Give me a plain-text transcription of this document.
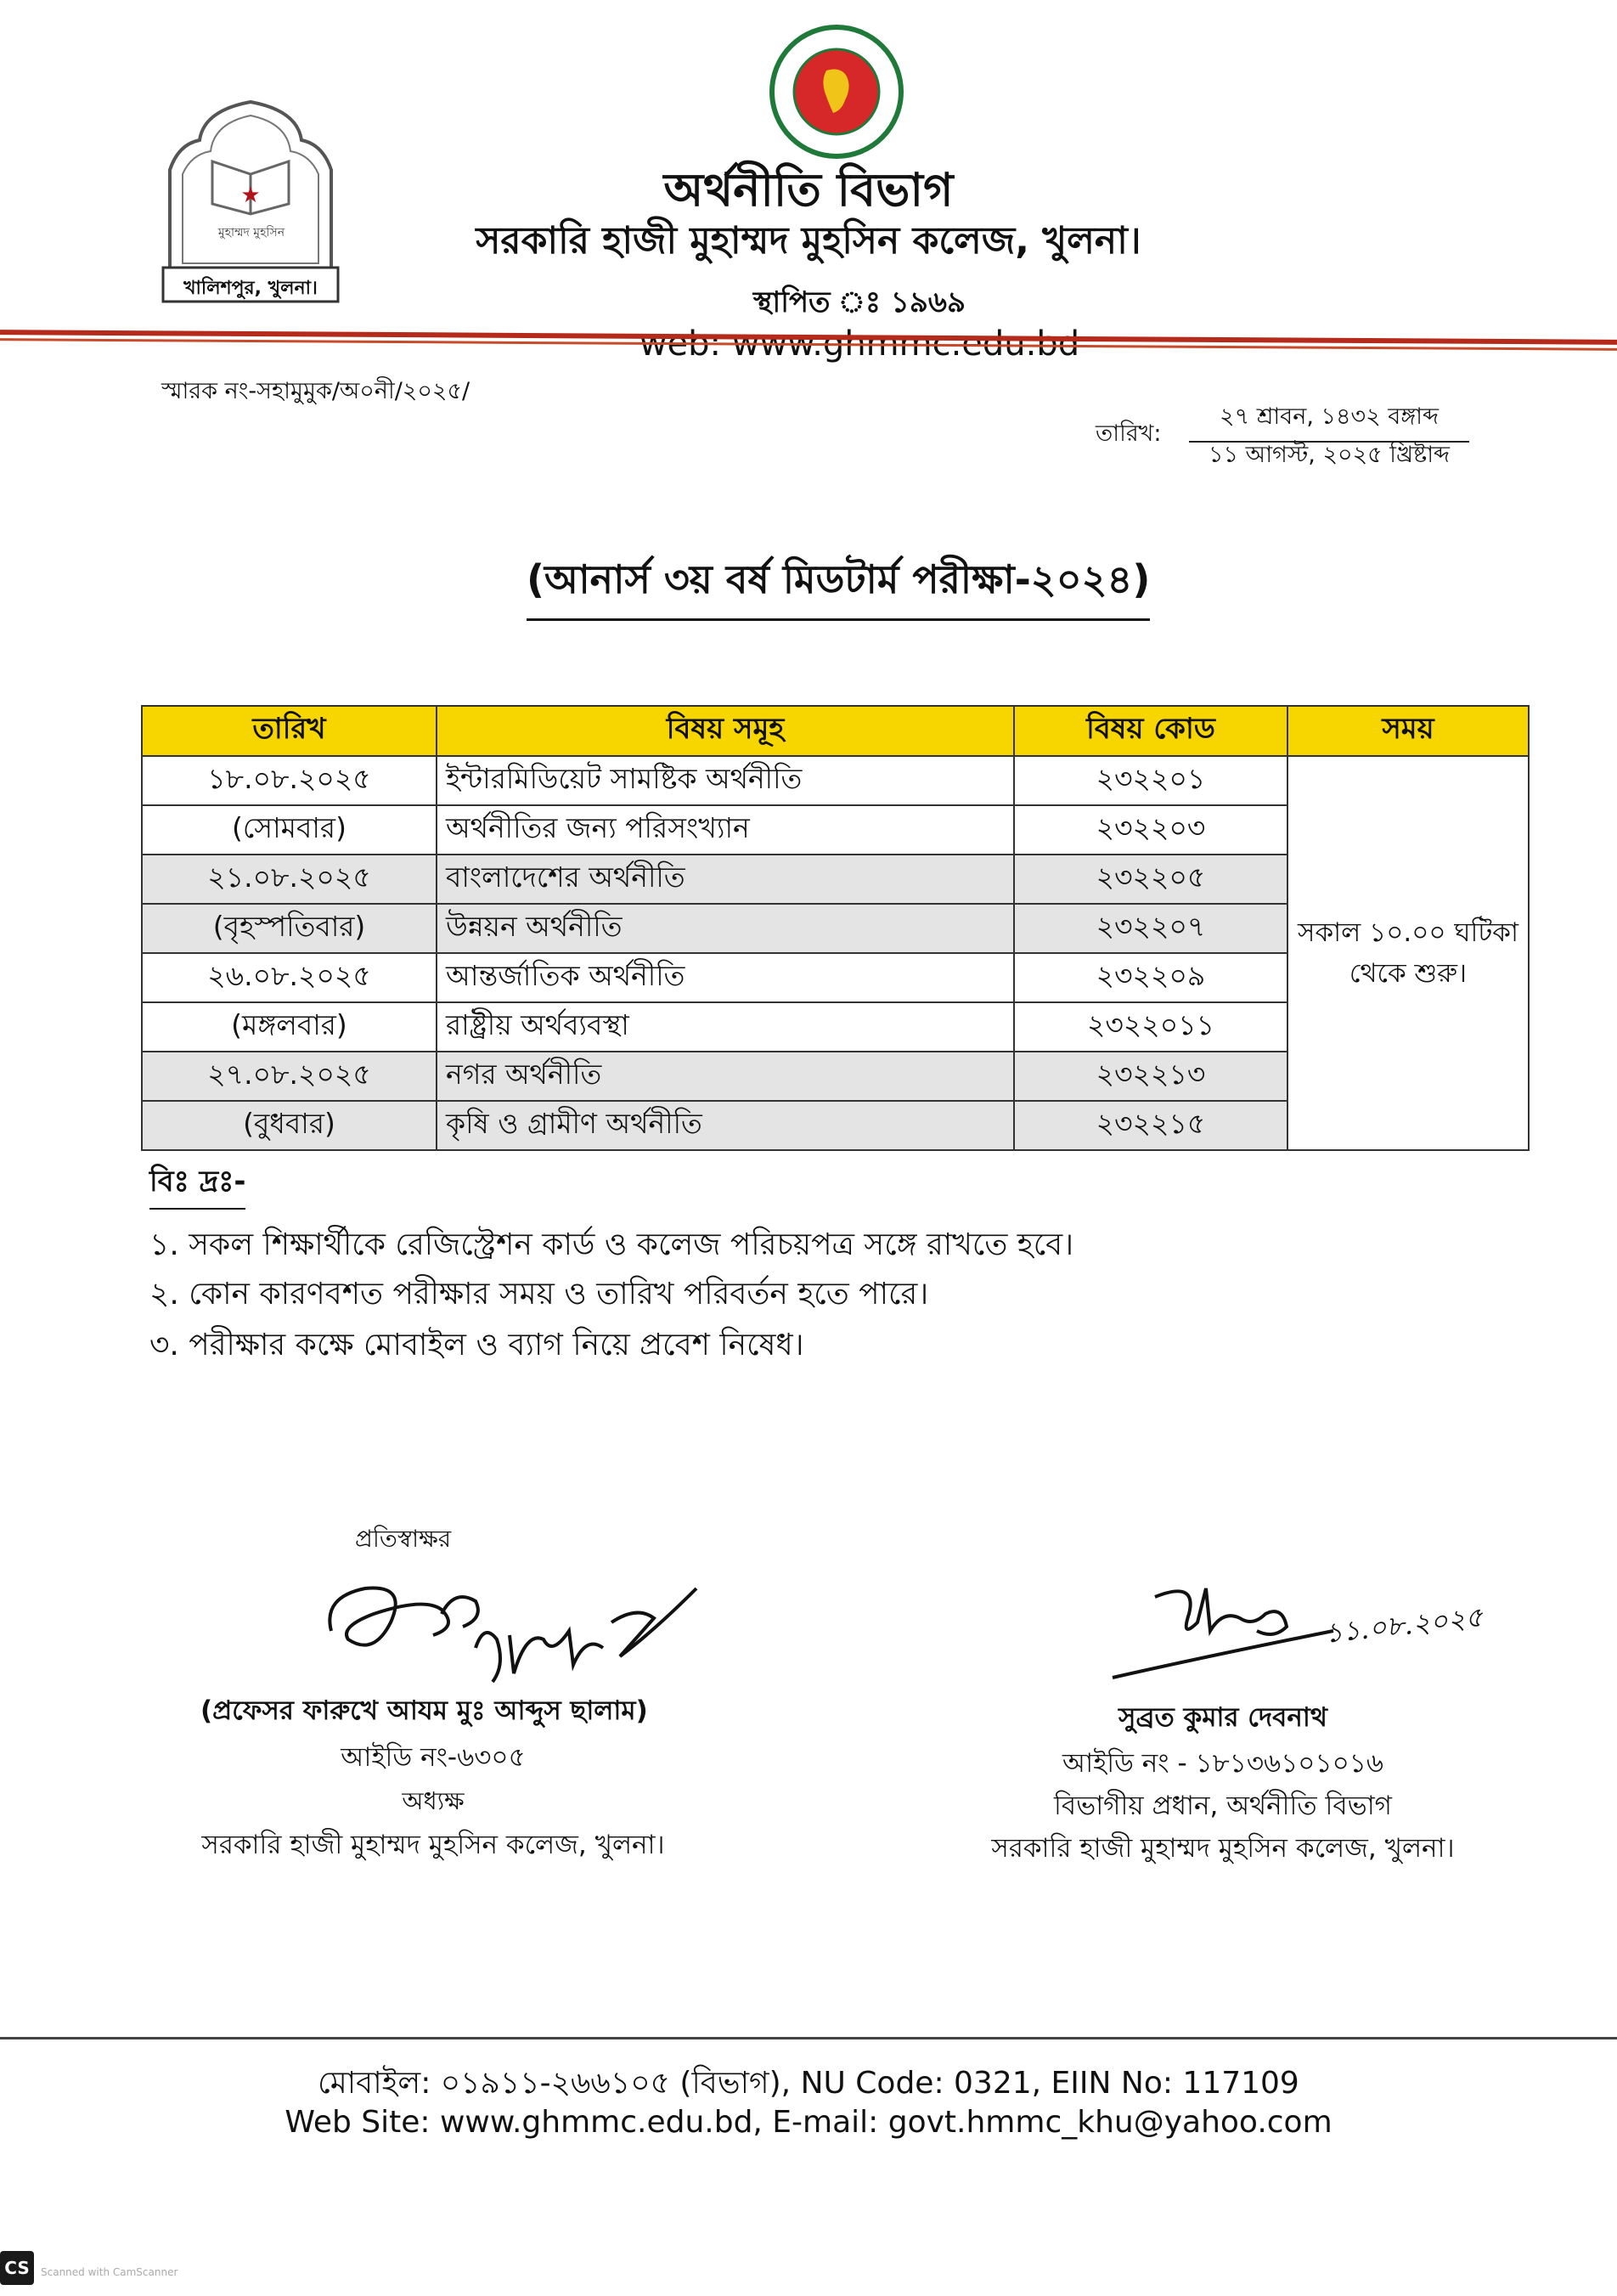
★
মুহাম্মদ মুহসিন
খালিশপুর, খুলনা।
অর্থনীতি বিভাগ
সরকারি হাজী মুহাম্মদ মুহসিন কলেজ, খুলনা।
স্থাপিত ঃ ১৯৬৯
স্মারক নং-সহামুমুক/অ০নী/২০২৫/
তারিখ:
২৭ শ্রাবন, ১৪৩২ বঙ্গাব্দ
১১ আগস্ট, ২০২৫ খ্রিষ্টাব্দ
(আনার্স ৩য় বর্ষ মিডটার্ম পরীক্ষা-২০২৪)
তারিখ	বিষয় সমূহ	বিষয় কোড	সময়
১৮.০৮.২০২৫	ইন্টারমিডিয়েট সামষ্টিক অর্থনীতি	২৩২২০১	সকাল ১০.০০ ঘটিকা থেকে শুরু।
(সোমবার)	অর্থনীতির জন্য পরিসংখ্যান	২৩২২০৩	
২১.০৮.২০২৫	বাংলাদেশের অর্থনীতি	২৩২২০৫	
(বৃহস্পতিবার)	উন্নয়ন অর্থনীতি	২৩২২০৭	
২৬.০৮.২০২৫	আন্তর্জাতিক অর্থনীতি	২৩২২০৯	
(মঙ্গলবার)	রাষ্ট্রীয় অর্থব্যবস্থা	২৩২২০১১	
২৭.০৮.২০২৫	নগর অর্থনীতি	২৩২২১৩	
(বুধবার)	কৃষি ও গ্রামীণ অর্থনীতি	২৩২২১৫	
বিঃ দ্রঃ-
১. সকল শিক্ষার্থীকে রেজিস্ট্রেশন কার্ড ও কলেজ পরিচয়পত্র সঙ্গে রাখতে হবে।
২. কোন কারণবশত পরীক্ষার সময় ও তারিখ পরিবর্তন হতে পারে।
৩. পরীক্ষার কক্ষে মোবাইল ও ব্যাগ নিয়ে প্রবেশ নিষেধ।
প্রতিস্বাক্ষর
(প্রফেসর ফারুখে আযম মুঃ আব্দুস ছালাম)
আইডি নং-৬৩০৫
অধ্যক্ষ
সরকারি হাজী মুহাম্মদ মুহসিন কলেজ, খুলনা।
১১.০৮.২০২৫
সুব্রত কুমার দেবনাথ
আইডি নং - ১৮১৩৬১০১০১৬
বিভাগীয় প্রধান, অর্থনীতি বিভাগ
সরকারি হাজী মুহাম্মদ মুহসিন কলেজ, খুলনা।
মোবাইল: ০১৯১১-২৬৬১০৫ (বিভাগ), NU Code: 0321, EIIN No: 117109
Web Site: www.ghmmc.edu.bd, E-mail: govt.hmmc_khu@yahoo.com
CS	Scanned with CamScanner
